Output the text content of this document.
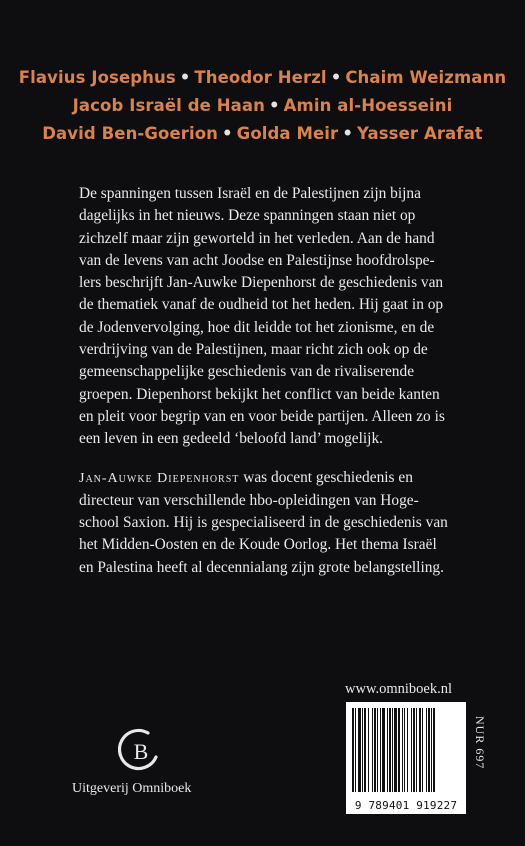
Flavius Josephus • Theodor Herzl • Chaim Weizmann
Jacob Israël de Haan • Amin al-Hoesseini
David Ben-Goerion • Golda Meir • Yasser Arafat

De spanningen tussen Israël en de Palestijnen zijn bijna
dagelijks in het nieuws. Deze spanningen staan niet op
zichzelf maar zijn geworteld in het verleden. Aan de hand
van de levens van acht Joodse en Palestijnse hoofdrolspe-
lers beschrijft Jan-Auwke Diepenhorst de geschiedenis van
de thematiek vanaf de oudheid tot het heden. Hij gaat in op
de Jodenvervolging, hoe dit leidde tot het zionisme, en de
verdrijving van de Palestijnen, maar richt zich ook op de
gemeenschappelijke geschiedenis van de rivaliserende
groepen. Diepenhorst bekijkt het conflict van beide kanten
en pleit voor begrip van en voor beide partijen. Alleen zo is
een leven in een gedeeld ‘beloofd land’ mogelijk.

Jan-Auwke Diepenhorst was docent geschiedenis en
directeur van verschillende hbo-opleidingen van Hoge-
school Saxion. Hij is gespecialiseerd in de geschiedenis van
het Midden-Oosten en de Koude Oorlog. Het thema Israël
en Palestina heeft al decennialang zijn grote belangstelling.

www.omniboek.nl
9 789401 919227
NUR 697
B
Uitgeverij Omniboek
